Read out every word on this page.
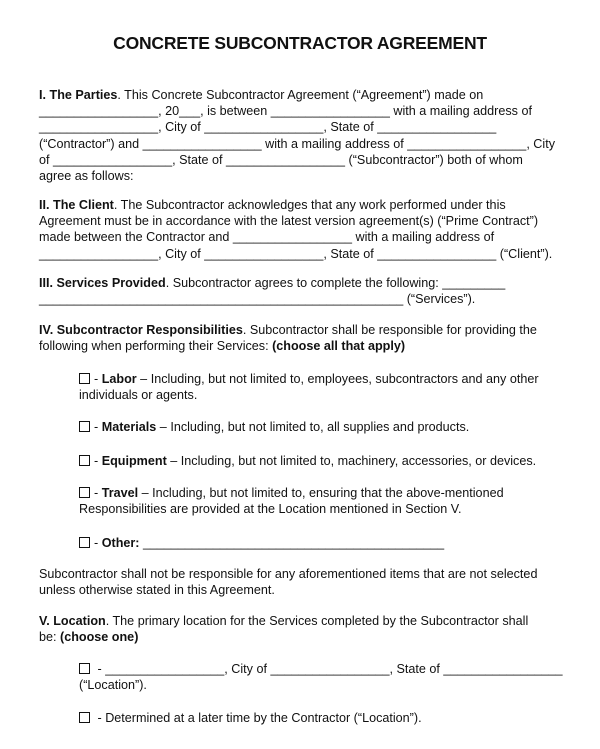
CONCRETE SUBCONTRACTOR AGREEMENT
I. The Parties. This Concrete Subcontractor Agreement (“Agreement”) made on
_________________, 20___, is between _________________ with a mailing address of
_________________, City of _________________, State of _________________
(“Contractor”) and _________________ with a mailing address of _________________, City
of _________________, State of _________________ (“Subcontractor”) both of whom
agree as follows:
II. The Client. The Subcontractor acknowledges that any work performed under this
Agreement must be in accordance with the latest version agreement(s) (“Prime Contract”)
made between the Contractor and _________________ with a mailing address of
_________________, City of _________________, State of _________________ (“Client”).
III. Services Provided. Subcontractor agrees to complete the following: _________
____________________________________________________ (“Services”).
IV. Subcontractor Responsibilities. Subcontractor shall be responsible for providing the
following when performing their Services: (choose all that apply)
- Labor – Including, but not limited to, employees, subcontractors and any other
individuals or agents.
- Materials – Including, but not limited to, all supplies and products.
- Equipment – Including, but not limited to, machinery, accessories, or devices.
- Travel – Including, but not limited to, ensuring that the above-mentioned
Responsibilities are provided at the Location mentioned in Section V.
- Other: ___________________________________________
Subcontractor shall not be responsible for any aforementioned items that are not selected
unless otherwise stated in this Agreement.
V. Location. The primary location for the Services completed by the Subcontractor shall
be: (choose one)
- _________________, City of _________________, State of _________________
(“Location”).
- Determined at a later time by the Contractor (“Location”).
